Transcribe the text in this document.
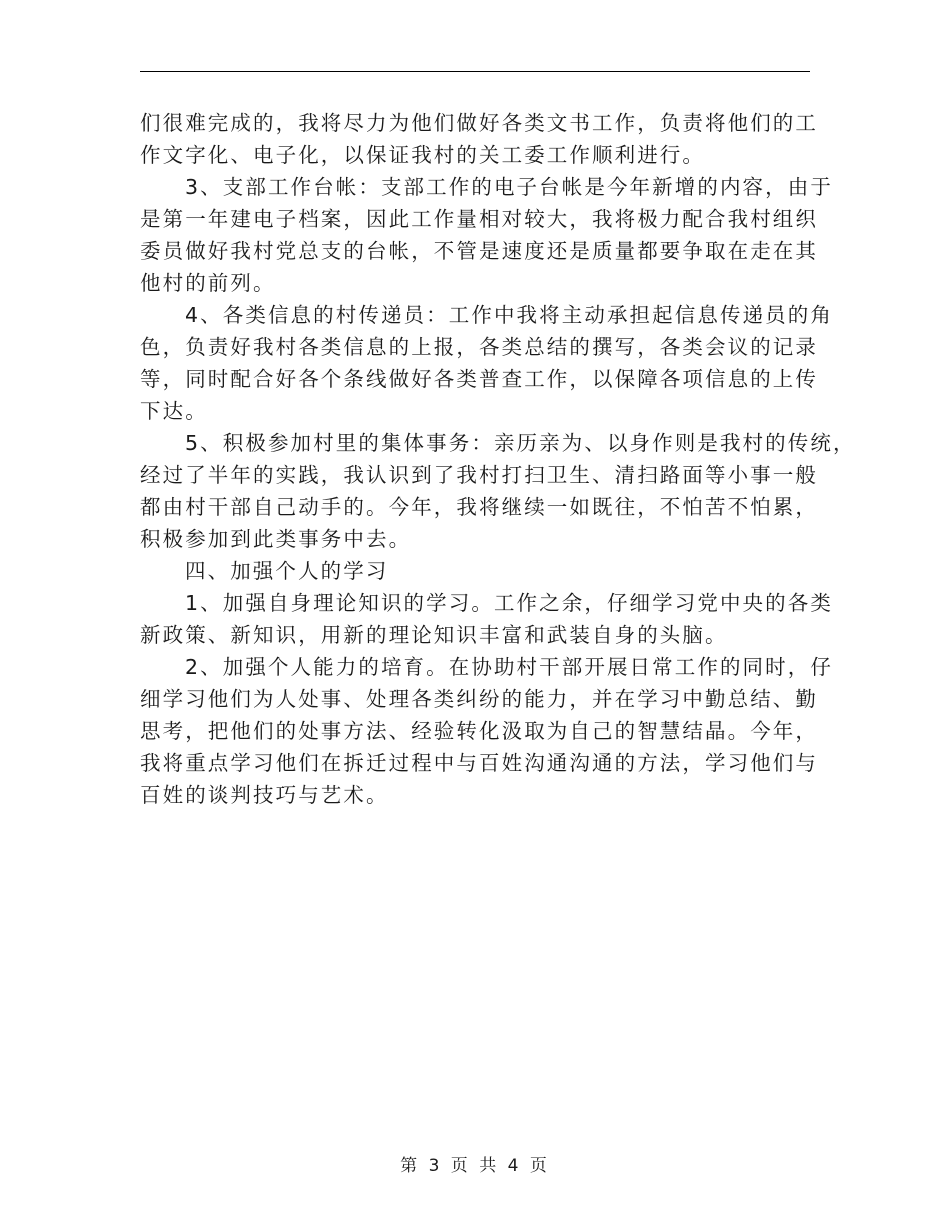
们很难完成的，我将尽力为他们做好各类文书工作，负责将他们的工
作文字化、电子化，以保证我村的关工委工作顺利进行。
3、支部工作台帐：支部工作的电子台帐是今年新增的内容，由于
是第一年建电子档案，因此工作量相对较大，我将极力配合我村组织
委员做好我村党总支的台帐，不管是速度还是质量都要争取在走在其
他村的前列。
4、各类信息的村传递员：工作中我将主动承担起信息传递员的角
色，负责好我村各类信息的上报，各类总结的撰写，各类会议的记录
等，同时配合好各个条线做好各类普查工作，以保障各项信息的上传
下达。
5、积极参加村里的集体事务：亲历亲为、以身作则是我村的传统，
经过了半年的实践，我认识到了我村打扫卫生、清扫路面等小事一般
都由村干部自己动手的。今年，我将继续一如既往，不怕苦不怕累，
积极参加到此类事务中去。
四、加强个人的学习
1、加强自身理论知识的学习。工作之余，仔细学习党中央的各类
新政策、新知识，用新的理论知识丰富和武装自身的头脑。
2、加强个人能力的培育。在协助村干部开展日常工作的同时，仔
细学习他们为人处事、处理各类纠纷的能力，并在学习中勤总结、勤
思考，把他们的处事方法、经验转化汲取为自己的智慧结晶。今年，
我将重点学习他们在拆迁过程中与百姓沟通沟通的方法，学习他们与
百姓的谈判技巧与艺术。
第 3 页 共 4 页
